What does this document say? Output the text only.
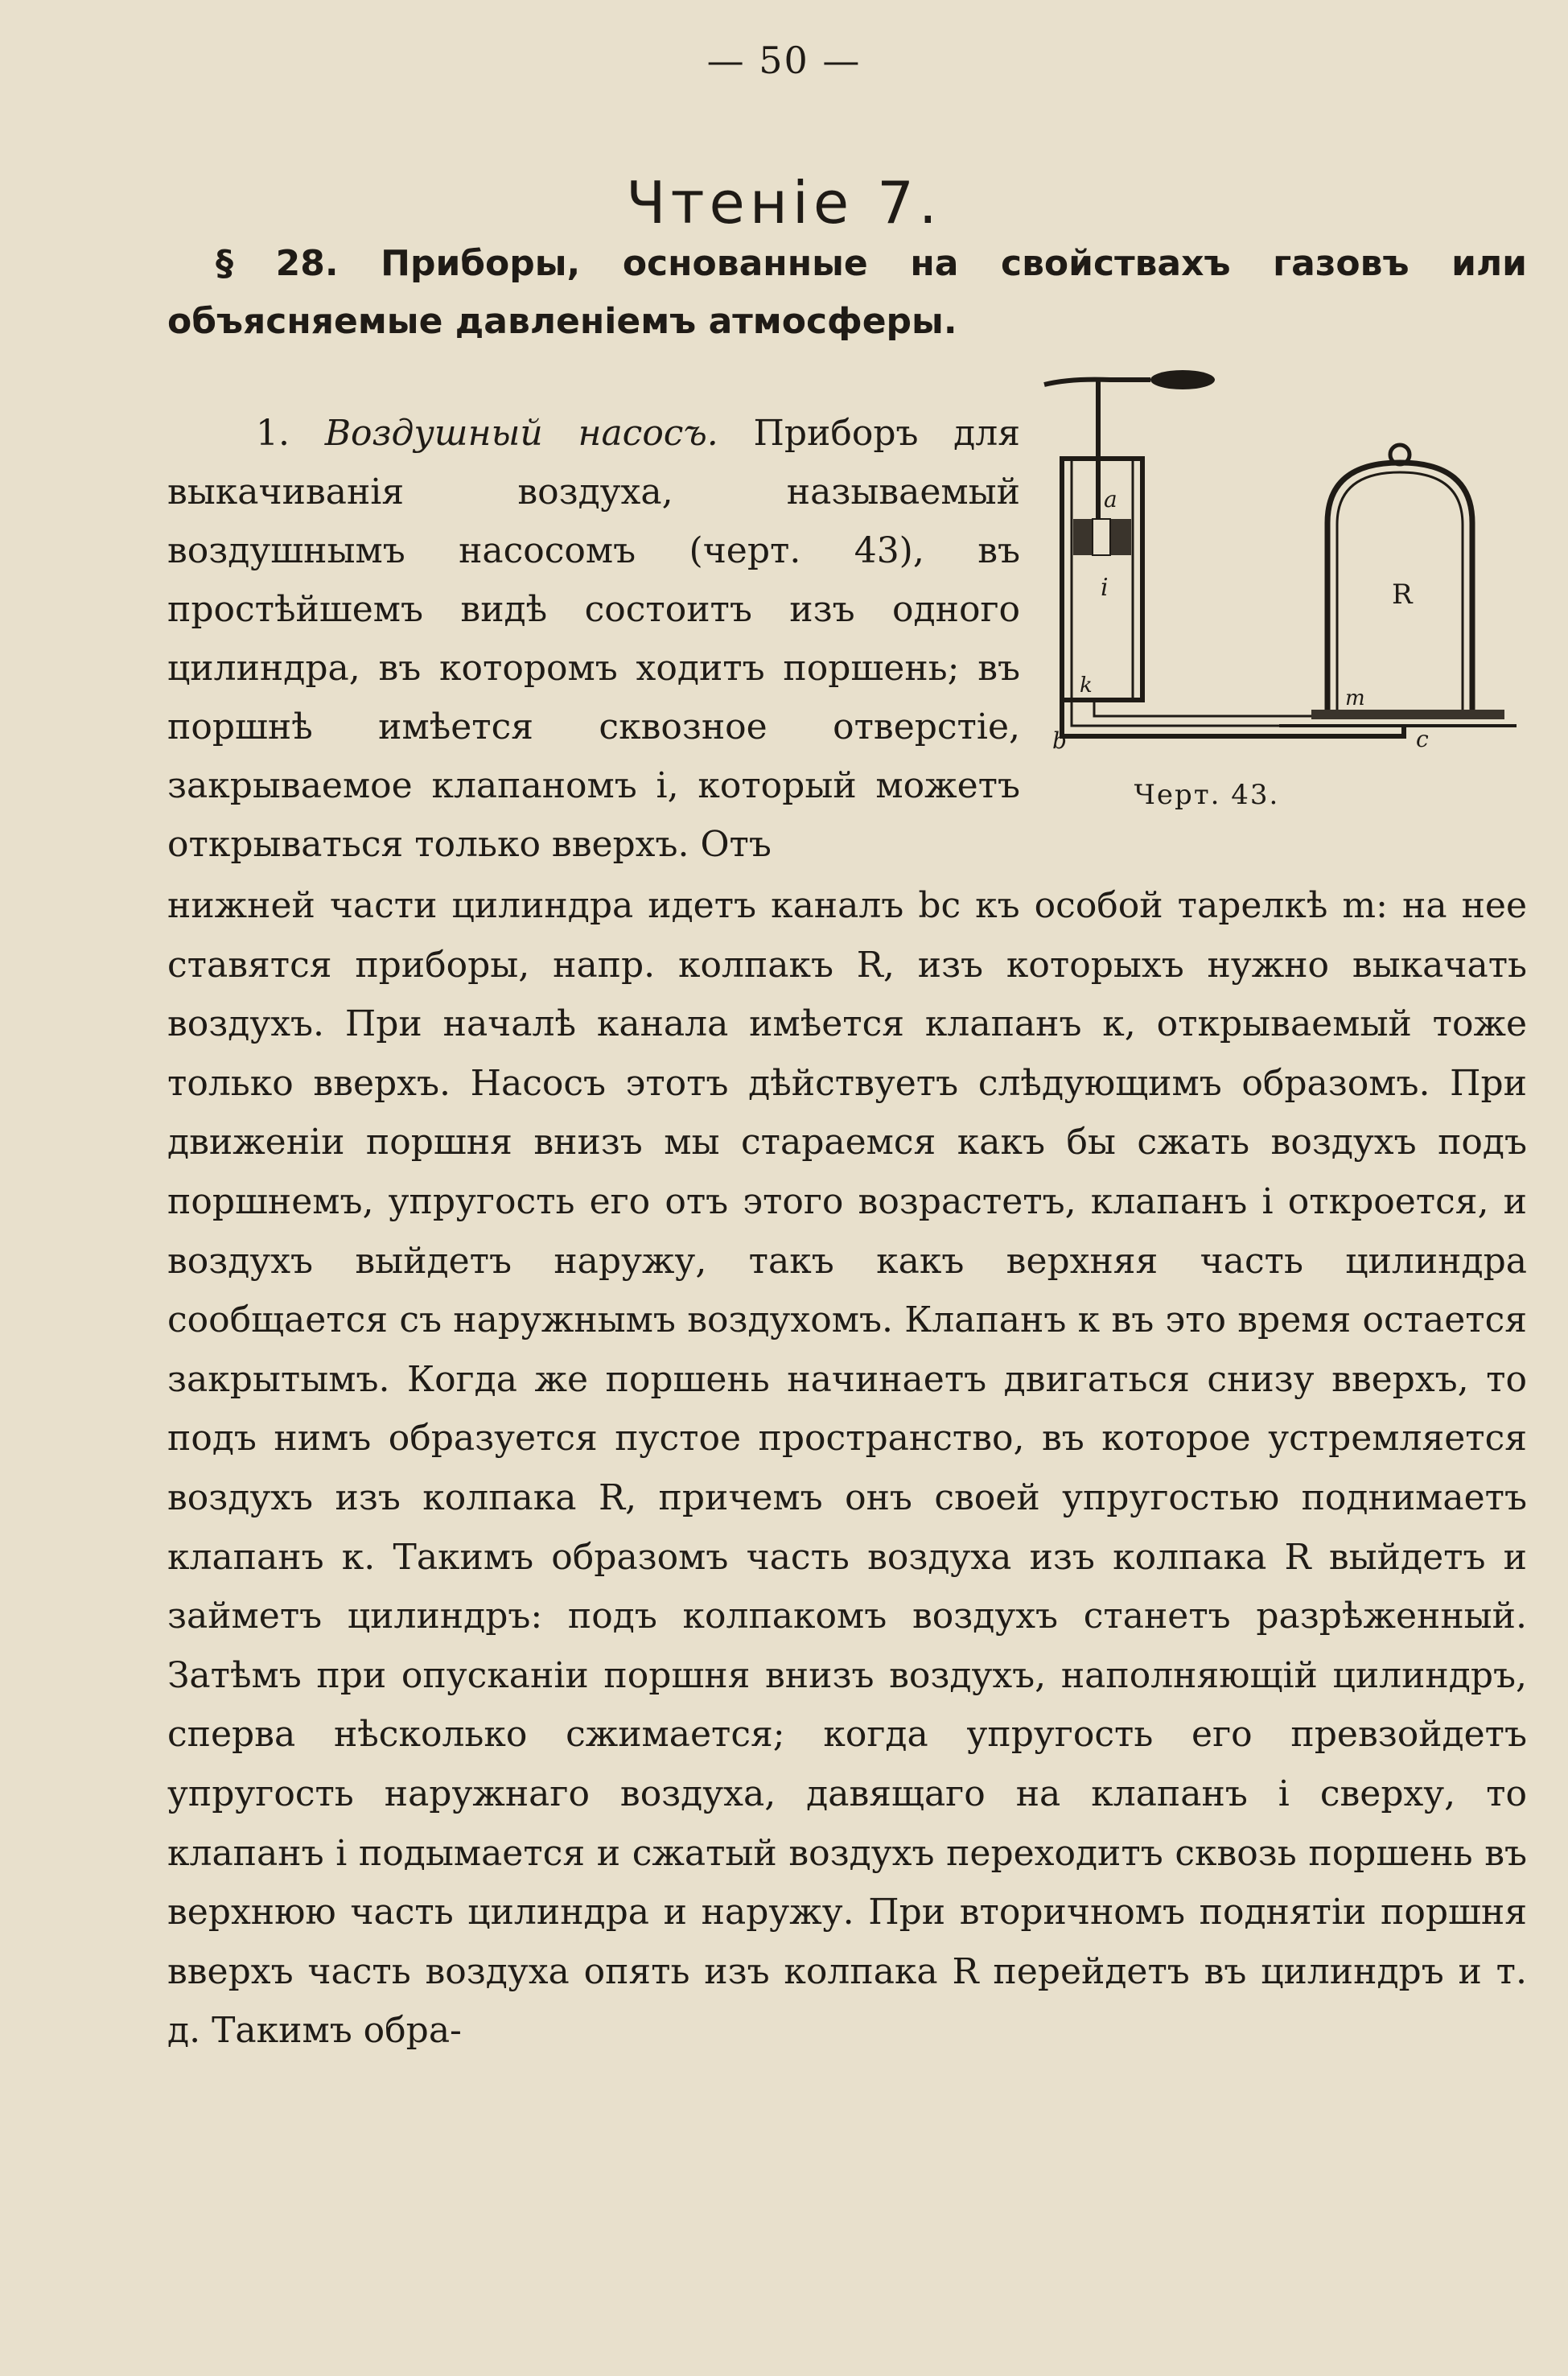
— 50 —
Чтеніе 7.
§ 28. Приборы, основанные на свойствахъ газовъ или объясняемые давленіемъ атмосферы.

1. Воздушный насосъ. Приборъ для выкачиванія воздуха, называемый воздушнымъ насосомъ (черт. 43), въ простѣйшемъ видѣ состоитъ изъ одного цилиндра, въ которомъ ходитъ поршень; въ поршнѣ имѣется сквозное отверстіе, закрываемое клапаномъ i, который можетъ открываться только вверхъ. Отъ

a
i
k
b
m
c
R
Черт. 43.

нижней части цилиндра идетъ каналъ bc къ особой тарелкѣ m: на нее ставятся приборы, напр. колпакъ R, изъ которыхъ нужно выкачать воздухъ. При началѣ канала имѣется клапанъ к, открываемый тоже только вверхъ. Насосъ этотъ дѣйствуетъ слѣдующимъ образомъ. При движеніи поршня внизъ мы стараемся какъ бы сжать воздухъ подъ поршнемъ, упругость его отъ этого возрастетъ, клапанъ i откроется, и воздухъ выйдетъ наружу, такъ какъ верхняя часть цилиндра сообщается съ наружнымъ воздухомъ. Клапанъ к въ это время остается закрытымъ. Когда же поршень начинаетъ двигаться снизу вверхъ, то подъ нимъ образуется пустое пространство, въ которое устремляется воздухъ изъ колпака R, причемъ онъ своей упругостью поднимаетъ клапанъ к. Такимъ образомъ часть воздуха изъ колпака R выйдетъ и займетъ цилиндръ: подъ колпакомъ воздухъ станетъ разрѣженный. Затѣмъ при опусканіи поршня внизъ воздухъ, наполняющій цилиндръ, сперва нѣсколько сжимается; когда упругость его превзойдетъ упругость наружнаго воздуха, давящаго на клапанъ i сверху, то клапанъ i подымается и сжатый воздухъ переходитъ сквозь поршень въ верхнюю часть цилиндра и наружу. При вторичномъ поднятіи поршня вверхъ часть воздуха опять изъ колпака R перейдетъ въ цилиндръ и т. д. Такимъ обра-
